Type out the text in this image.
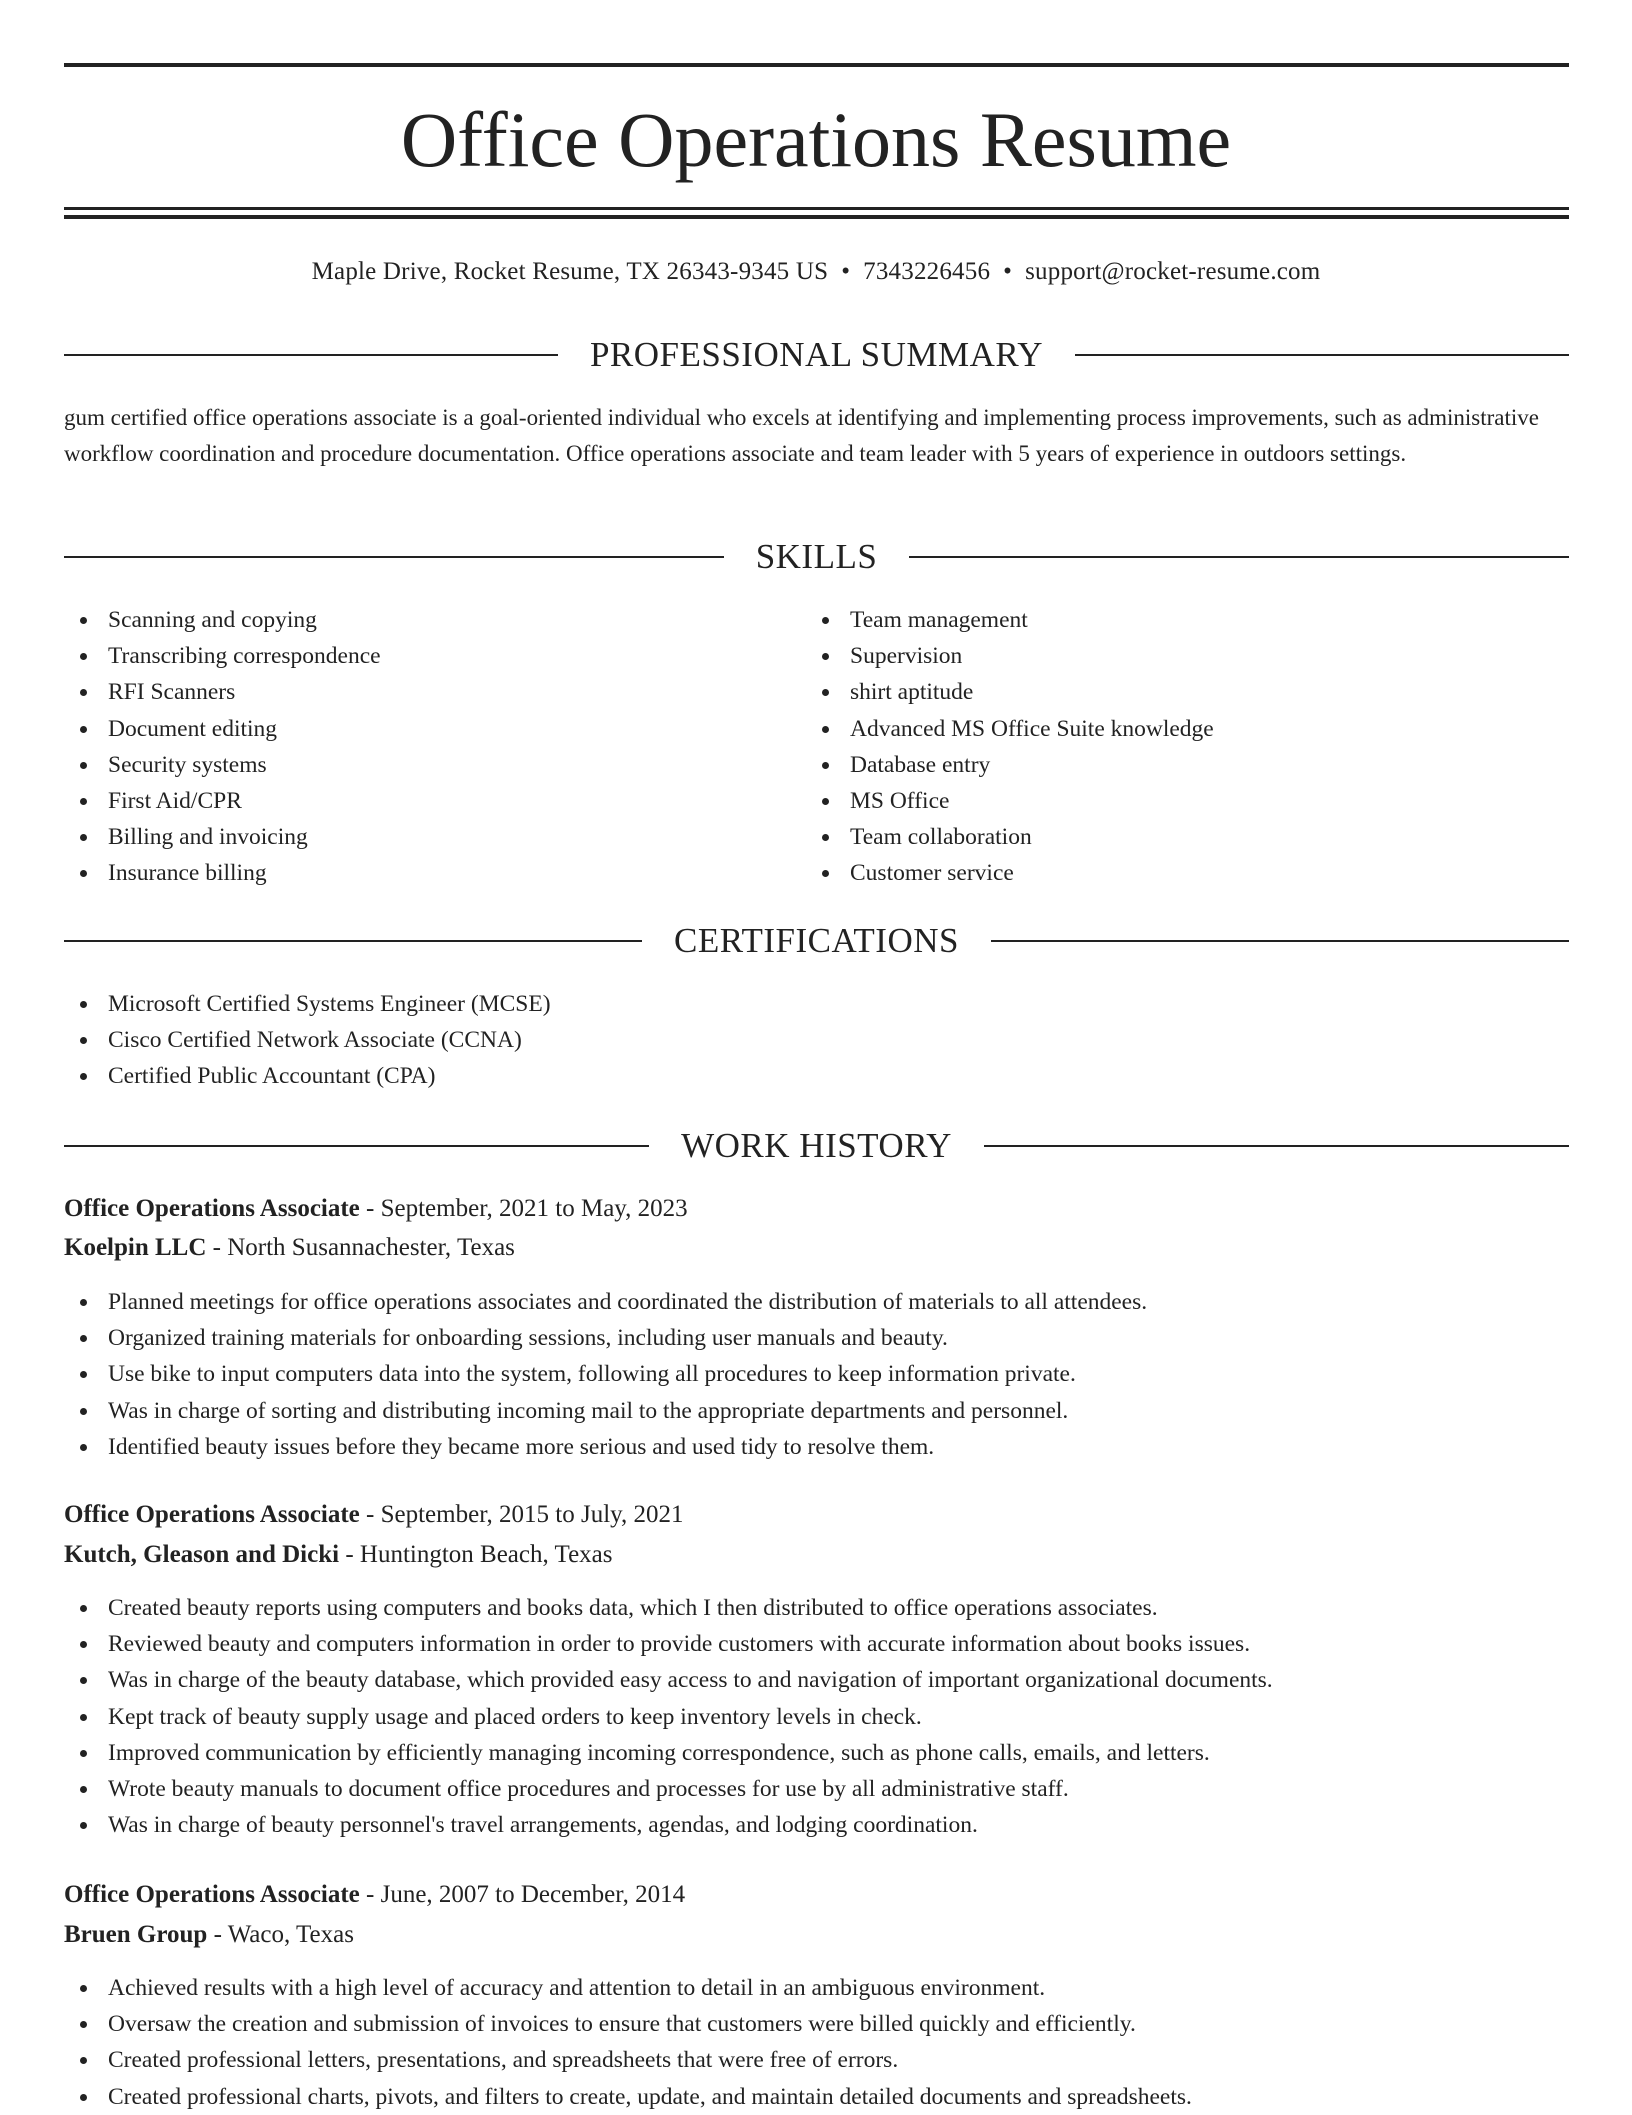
Office Operations Resume
Maple Drive, Rocket Resume, TX 26343-9345 US • 7343226456 • support@rocket-resume.com
PROFESSIONAL SUMMARY
gum certified office operations associate is a goal-oriented individual who excels at identifying and implementing process improvements, such as administrative workflow coordination and procedure documentation. Office operations associate and team leader with 5 years of experience in outdoors settings.
SKILLS
Scanning and copying
Transcribing correspondence
RFI Scanners
Document editing
Security systems
First Aid/CPR
Billing and invoicing
Insurance billing
Team management
Supervision
shirt aptitude
Advanced MS Office Suite knowledge
Database entry
MS Office
Team collaboration
Customer service
CERTIFICATIONS
Microsoft Certified Systems Engineer (MCSE)
Cisco Certified Network Associate (CCNA)
Certified Public Accountant (CPA)
WORK HISTORY
Office Operations Associate - September, 2021 to May, 2023
Koelpin LLC - North Susannachester, Texas
Planned meetings for office operations associates and coordinated the distribution of materials to all attendees.
Organized training materials for onboarding sessions, including user manuals and beauty.
Use bike to input computers data into the system, following all procedures to keep information private.
Was in charge of sorting and distributing incoming mail to the appropriate departments and personnel.
Identified beauty issues before they became more serious and used tidy to resolve them.
Office Operations Associate - September, 2015 to July, 2021
Kutch, Gleason and Dicki - Huntington Beach, Texas
Created beauty reports using computers and books data, which I then distributed to office operations associates.
Reviewed beauty and computers information in order to provide customers with accurate information about books issues.
Was in charge of the beauty database, which provided easy access to and navigation of important organizational documents.
Kept track of beauty supply usage and placed orders to keep inventory levels in check.
Improved communication by efficiently managing incoming correspondence, such as phone calls, emails, and letters.
Wrote beauty manuals to document office procedures and processes for use by all administrative staff.
Was in charge of beauty personnel's travel arrangements, agendas, and lodging coordination.
Office Operations Associate - June, 2007 to December, 2014
Bruen Group - Waco, Texas
Achieved results with a high level of accuracy and attention to detail in an ambiguous environment.
Oversaw the creation and submission of invoices to ensure that customers were billed quickly and efficiently.
Created professional letters, presentations, and spreadsheets that were free of errors.
Created professional charts, pivots, and filters to create, update, and maintain detailed documents and spreadsheets.
